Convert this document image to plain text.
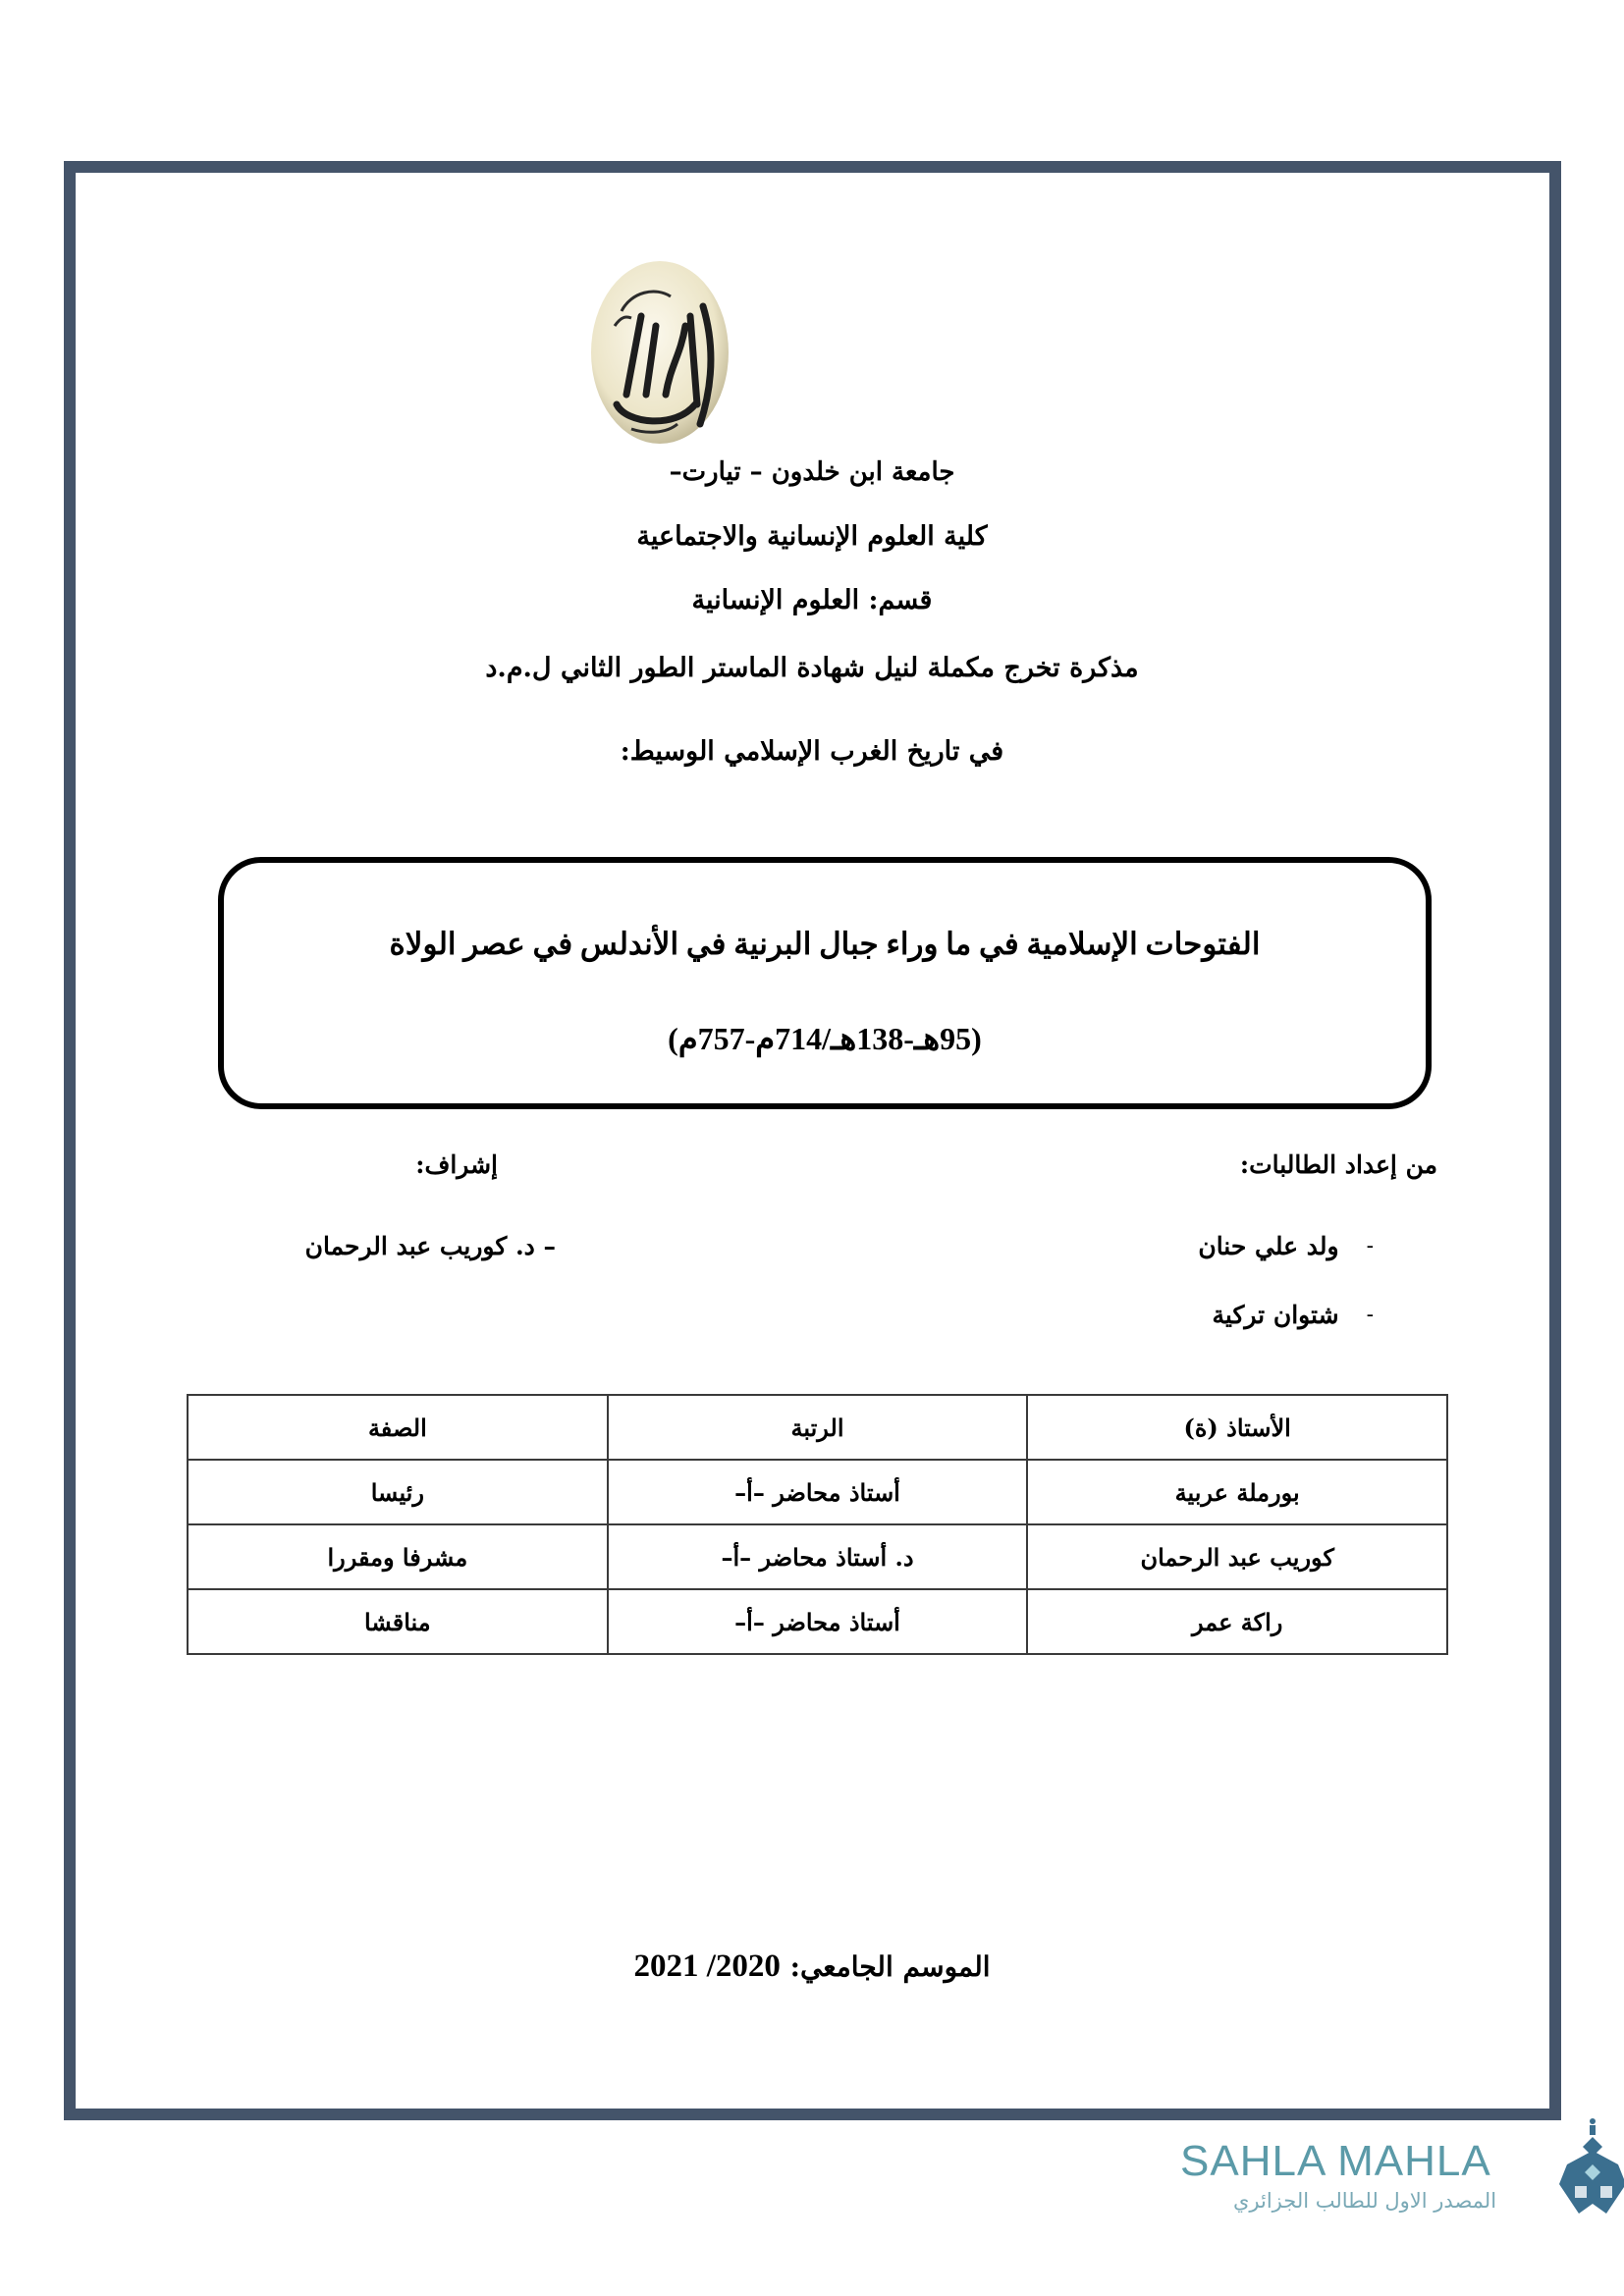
جامعة ابن خلدون – تيارت–
كلية العلوم الإنسانية والاجتماعية
قسم: العلوم الإنسانية
مذكرة تخرج مكملة لنيل شهادة الماستر الطور الثاني ل.م.د
في تاريخ الغرب الإسلامي الوسيط:
الفتوحات الإسلامية في ما وراء جبال البرنية في الأندلس في عصر الولاة
(95هـ-138هـ/714م-757م)
من إعداد الطالبات:
إشراف:
-
ولد علي حنان
-
شتوان تركية
– د. كوريب عبد الرحمان
الأستاذ (ة)	الرتبة	الصفة
بورملة عربية	أستاذ محاضر –أ–	رئيسا
كوريب عبد الرحمان	د. أستاذ محاضر –أ–	مشرفا ومقررا
راكة عمر	أستاذ محاضر –أ–	مناقشا
الموسم الجامعي: 2020/ 2021
SAHLA MAHLA
المصدر الاول للطالب الجزائري
